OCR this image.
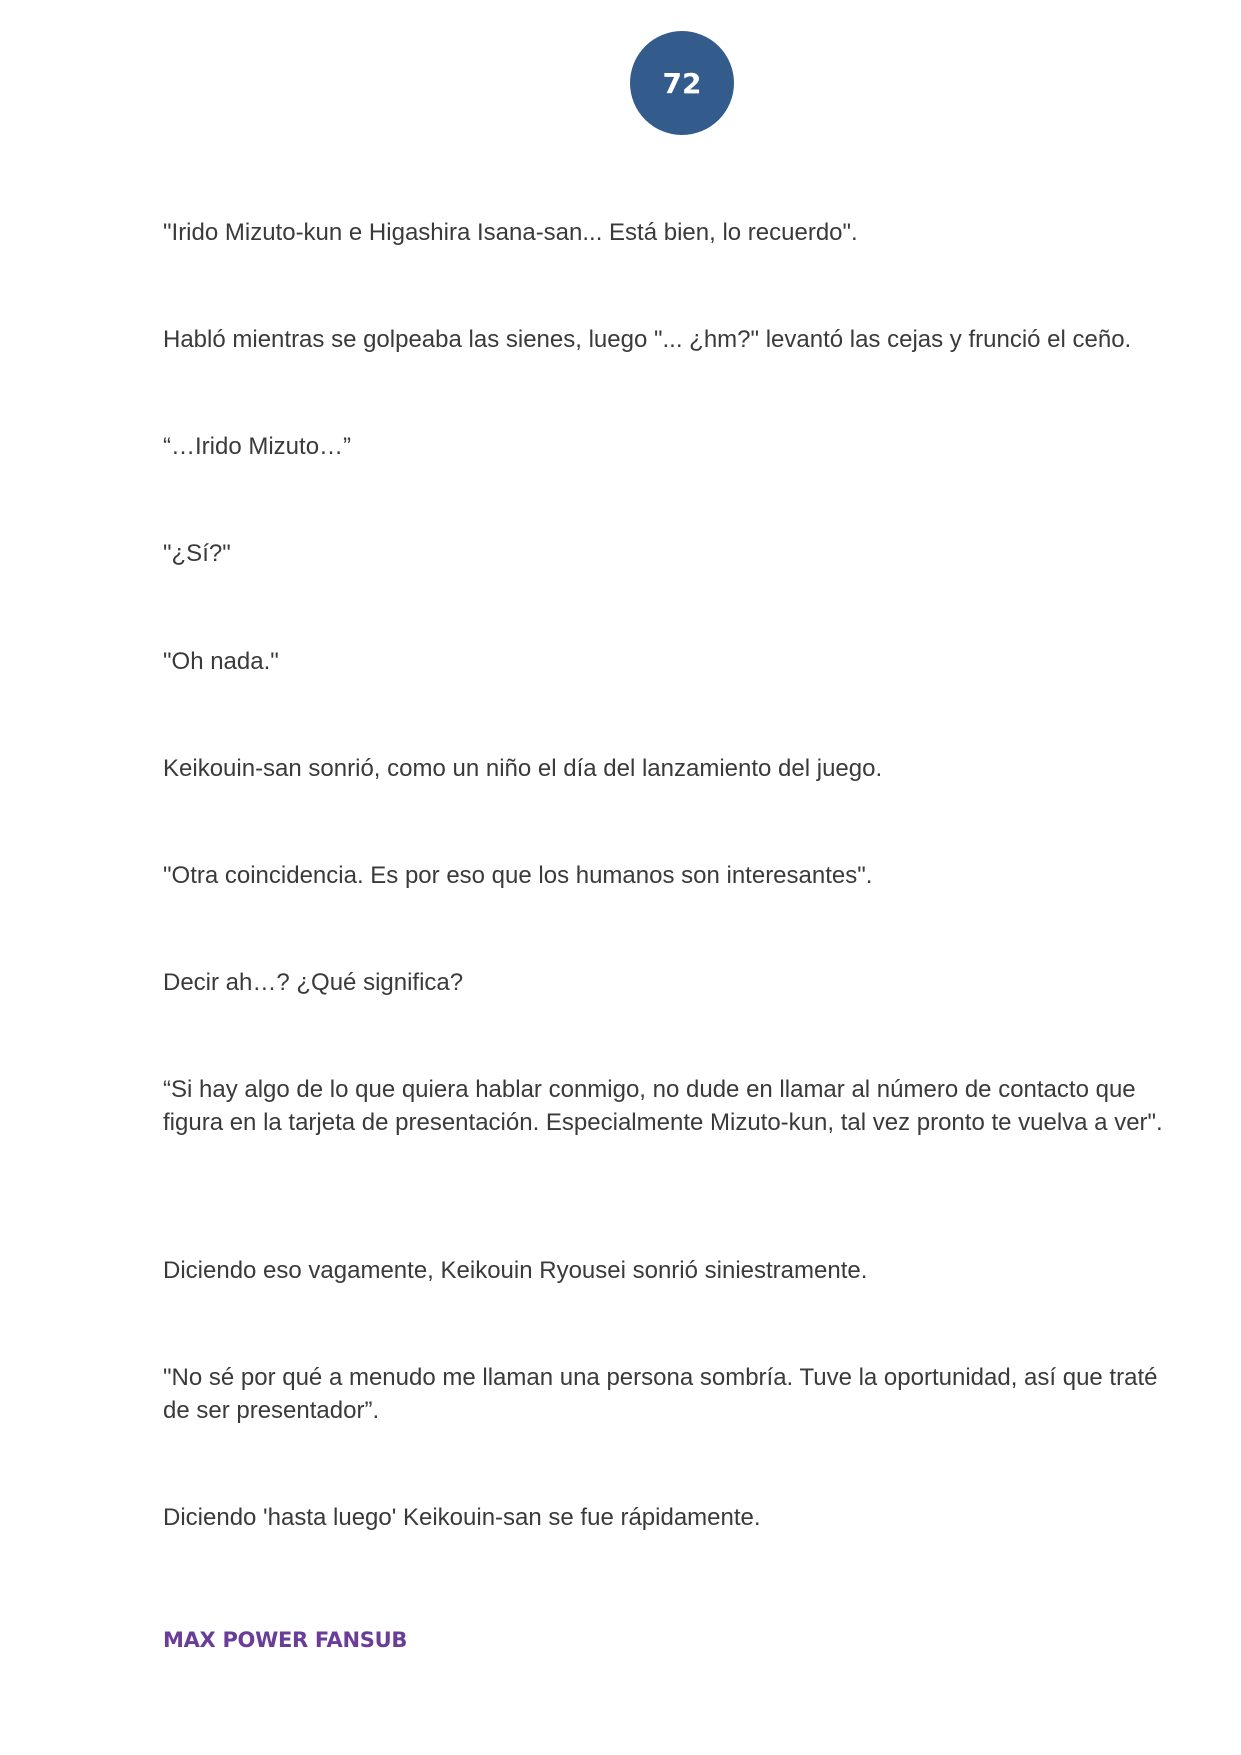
72

"Irido Mizuto-kun e Higashira Isana-san... Está bien, lo recuerdo".

Habló mientras se golpeaba las sienes, luego "... ¿hm?" levantó las cejas y frunció el ceño.

“…Irido Mizuto…”

"¿Sí?"

"Oh nada."

Keikouin-san sonrió, como un niño el día del lanzamiento del juego.

"Otra coincidencia. Es por eso que los humanos son interesantes".

Decir ah…? ¿Qué significa?

“Si hay algo de lo que quiera hablar conmigo, no dude en llamar al número de contacto que figura en la tarjeta de presentación. Especialmente Mizuto-kun, tal vez pronto te vuelva a ver".

Diciendo eso vagamente, Keikouin Ryousei sonrió siniestramente.

"No sé por qué a menudo me llaman una persona sombría. Tuve la oportunidad, así que traté de ser presentador”.

Diciendo 'hasta luego' Keikouin-san se fue rápidamente.

MAX POWER FANSUB
